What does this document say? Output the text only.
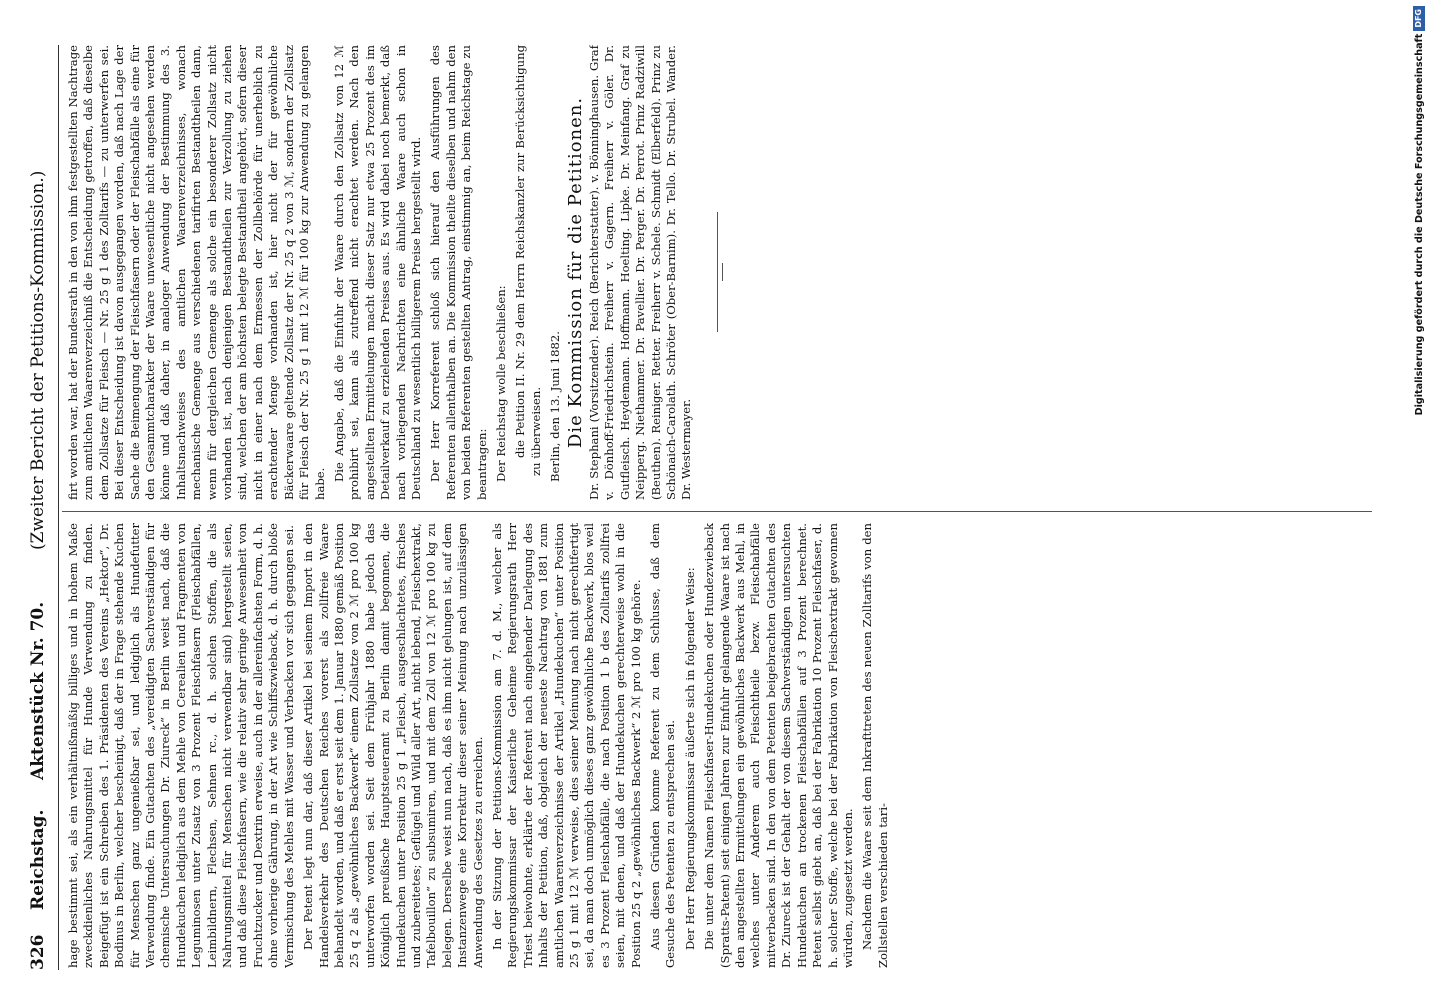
326
Reichstag.
Aktenstück Nr. 70.
(Zweiter Bericht der Petitions-Kommission.)

hage bestimmt sei, als ein verhältnißmäßig billiges und in hohem Maße zweckdienliches Nahrungsmittel für Hunde Verwendung zu finden. Beigefügt ist ein Schreiben des 1. Präsidenten des Vereins „Hektor“, Dr. Bodinus in Berlin, welcher bescheinigt, daß der in Frage stehende Kuchen für Menschen ganz ungenießbar sei, und lediglich als Hundefutter Verwendung finde. Ein Gutachten des „vereidigten Sachverständigen für chemische Untersuchungen Dr. Ziureck“ in Berlin weist nach, daß die Hundekuchen lediglich aus dem Mehle von Cerealien und Fragmenten von Leguminosen unter Zusatz von 3 Prozent Fleischfasern (Fleischabfällen, Leimbildnern, Flechsen, Sehnen rc., d. h. solchen Stoffen, die als Nahrungsmittel für Menschen nicht verwendbar sind) hergestellt seien, und daß diese Fleischfasern, wie die relativ sehr geringe Anwesenheit von Fruchtzucker und Dextrin erweise, auch in der allereinfachsten Form, d. h. ohne vorherige Gährung, in der Art wie Schiffszwieback, d. h. durch bloße Vermischung des Mehles mit Wasser und Verbacken vor sich gegangen sei. Der Petent legt nun dar, daß dieser Artikel bei seinem Import in den Handelsverkehr des Deutschen Reiches vorerst als zollfreie Waare behandelt worden, und daß er erst seit dem 1. Januar 1880 gemäß Position 25 q 2 als „gewöhnliches Backwerk“ einem Zollsatze von 2 ℳ pro 100 kg unterworfen worden sei. Seit dem Frühjahr 1880 habe jedoch das Königlich preußische Hauptsteueramt zu Berlin damit begonnen, die Hundekuchen unter Position 25 g 1 „Fleisch, ausgeschlachtetes, frisches und zubereitetes; Geflügel und Wild aller Art, nicht lebend, Fleischextrakt, Tafelbouillon“ zu subsumiren, und mit dem Zoll von 12 ℳ pro 100 kg zu belegen. Derselbe weist nun nach, daß es ihm nicht gelungen ist, auf dem Instanzenwege eine Korrektur dieser seiner Meinung nach unzulässigen Anwendung des Gesetzes zu erreichen. In der Sitzung der Petitions-Kommission am 7. d. M., welcher als Regierungskommissar der Kaiserliche Geheime Regierungsrath Herr Triest beiwohnte, erklärte der Referent nach eingehender Darlegung des Inhalts der Petition, daß, obgleich der neueste Nachtrag von 1881 zum amtlichen Waarenverzeichnisse der Artikel „Hundekuchen“ unter Position 25 g 1 mit 12 ℳ verweise, dies seiner Meinung nach nicht gerechtfertigt sei, da man doch unmöglich dieses ganz gewöhnliche Backwerk, blos weil es 3 Prozent Fleischabfälle, die nach Position 1 b des Zolltarifs zollfrei seien, mit denen, und daß der Hundekuchen gerechterweise wohl in die Position 25 q 2 „gewöhnliches Backwerk“ 2 ℳ pro 100 kg gehöre. Aus diesen Gründen komme Referent zu dem Schlusse, daß dem Gesuche des Petenten zu entsprechen sei. Der Herr Regierungskommissar äußerte sich in folgender Weise: Die unter dem Namen Fleischfaser-Hundekuchen oder Hundezwieback (Spratts-Patent) seit einigen Jahren zur Einfuhr gelangende Waare ist nach den angestellten Ermittelungen ein gewöhnliches Backwerk aus Mehl, in welches unter Anderem auch Fleischtheile bezw. Fleischabfälle mitverbacken sind. In den von dem Petenten beigebrachten Gutachten des Dr. Ziureck ist der Gehalt der von diesem Sachverständigen untersuchten Hundekuchen an trockenen Fleischabfällen auf 3 Prozent berechnet. Petent selbst giebt an, daß bei der Fabrikation 10 Prozent Fleischfaser, d. h. solcher Stoffe, welche bei der Fabrikation von Fleischextrakt gewonnen würden, zugesetzt werden. Nachdem die Waare seit dem Inkrafttreten des neuen Zolltarifs von den Zollstellen verschieden tari-

firt worden war, hat der Bundesrath in den von ihm festgestellten Nachtrage zum amtlichen Waarenverzeichniß die Entscheidung getroffen, daß dieselbe dem Zollsatze für Fleisch — Nr. 25 g 1 des Zolltarifs — zu unterwerfen sei. Bei dieser Entscheidung ist davon ausgegangen worden, daß nach Lage der Sache die Beimengung der Fleischfasern oder der Fleischabfälle als eine für den Gesammtcharakter der Waare unwesentliche nicht angesehen werden könne und daß daher, in analoger Anwendung der Bestimmung des 3. Inhaltsnachweises des amtlichen Waarenverzeichnisses, wonach mechanische Gemenge aus verschiedenen tarifirten Bestandtheilen dann, wenn für dergleichen Gemenge als solche ein besonderer Zollsatz nicht vorhanden ist, nach denjenigen Bestandtheilen zur Verzollung zu ziehen sind, welchen der am höchsten belegte Bestandtheil angehört, sofern dieser nicht in einer nach dem Ermessen der Zollbehörde für unerheblich zu erachtender Menge vorhanden ist, hier nicht der für gewöhnliche Bäckerwaare geltende Zollsatz der Nr. 25 q 2 von 3 ℳ, sondern der Zollsatz für Fleisch der Nr. 25 g 1 mit 12 ℳ für 100 kg zur Anwendung zu gelangen habe.

Die Angabe, daß die Einfuhr der Waare durch den Zollsatz von 12 ℳ prohibirt sei, kann als zutreffend nicht erachtet werden. Nach den angestellten Ermittelungen macht dieser Satz nur etwa 25 Prozent des im Detailverkauf zu erzielenden Preises aus. Es wird dabei noch bemerkt, daß nach vorliegenden Nachrichten eine ähnliche Waare auch schon in Deutschland zu wesentlich billigerem Preise hergestellt wird. Der Herr Korreferent schloß sich hierauf den Ausführungen des Referenten allenthalben an. Die Kommission theilte dieselben und nahm den von beiden Referenten gestellten Antrag, einstimmig an, beim Reichstage zu beantragen: Der Reichstag wolle beschließen: die Petition II. Nr. 29 dem Herrn Reichskanzler zur Berücksichtigung zu überweisen. Berlin, den 13. Juni 1882. Die Kommission für die Petitionen. Dr. Stephani (Vorsitzender). Reich (Berichterstatter). v. Bönninghausen. Graf v. Dönhoff-Friedrichstein. Freiherr v. Gagern. Freiherr v. Göler. Dr. Gutfleisch. Heydemann. Hoffmann. Hoelting. Lipke. Dr. Meinfang. Graf zu Neipperg. Niethammer. Dr. Pavellier. Dr. Perger. Dr. Perrot. Prinz Radziwill (Beuthen). Reiniger. Retter. Freiherr v. Schele. Schmidt (Elberfeld). Prinz zu Schönaich-Carolath. Schröter (Ober-Barnim). Dr. Tello. Dr. Strubel. Wander. Dr. Westermayer.

Digitalisierung gefördert durch die Deutsche ForschungsgemeinschaftDFG
